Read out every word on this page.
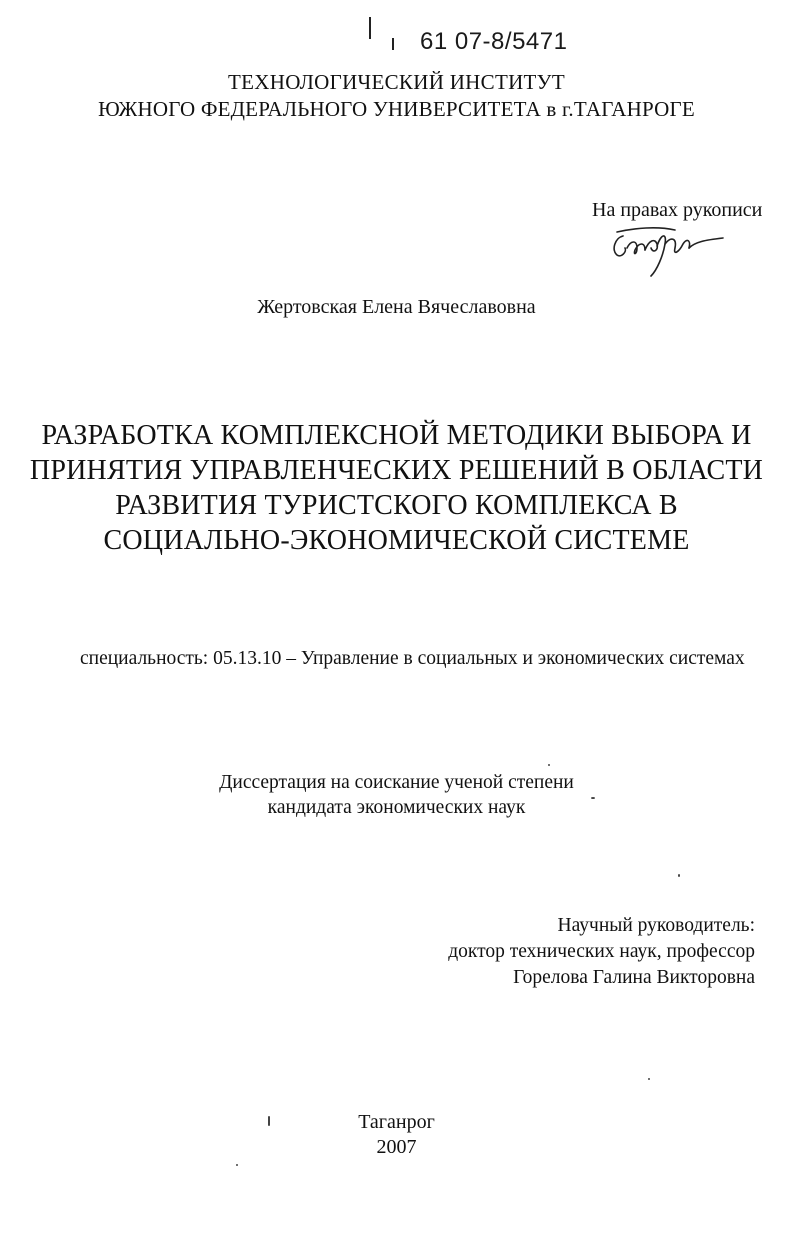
61 07-8/5471
ТЕХНОЛОГИЧЕСКИЙ ИНСТИТУТ
ЮЖНОГО ФЕДЕРАЛЬНОГО УНИВЕРСИТЕТА в г.ТАГАНРОГЕ
На правах рукописи
Жертовская Елена Вячеславовна
РАЗРАБОТКА КОМПЛЕКСНОЙ МЕТОДИКИ ВЫБОРА И
ПРИНЯТИЯ УПРАВЛЕНЧЕСКИХ РЕШЕНИЙ В ОБЛАСТИ
РАЗВИТИЯ ТУРИСТСКОГО КОМПЛЕКСА В
СОЦИАЛЬНО-ЭКОНОМИЧЕСКОЙ СИСТЕМЕ
специальность: 05.13.10 – Управление в социальных и экономических системах
Диссертация на соискание ученой степени
кандидата экономических наук
Научный руководитель:
доктор технических наук, профессор
Горелова Галина Викторовна
Таганрог
2007
